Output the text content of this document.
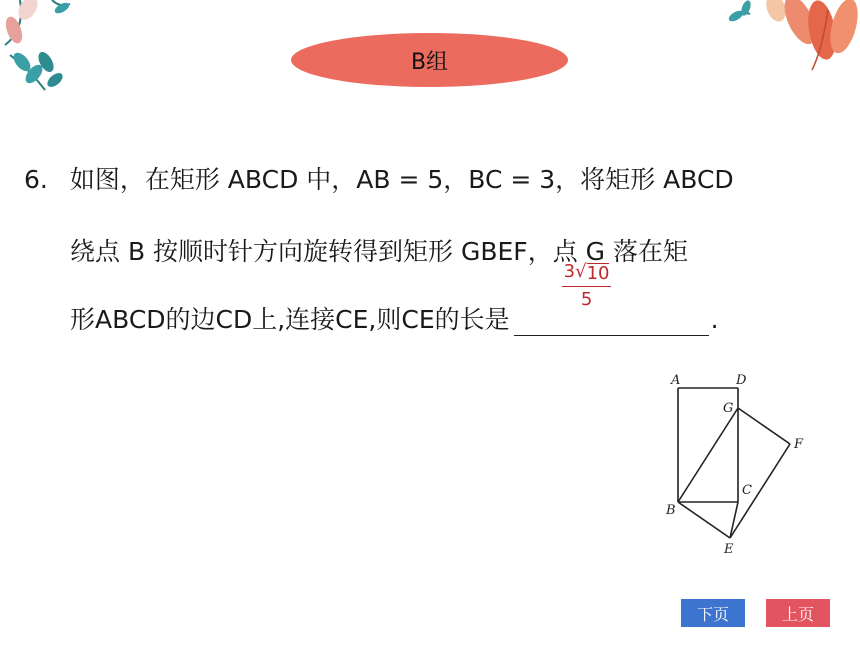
B组
6. 如图，在矩形 ABCD 中，AB = 5，BC = 3，将矩形 ABCD
绕点 B 按顺时针方向旋转得到矩形 GBEF，点 G 落在矩
形ABCD的边CD上,连接CE,则CE的长是
$\frac{3 √ 10}{5}$
.
A	D
G
F
C
B
E
下页	上页
